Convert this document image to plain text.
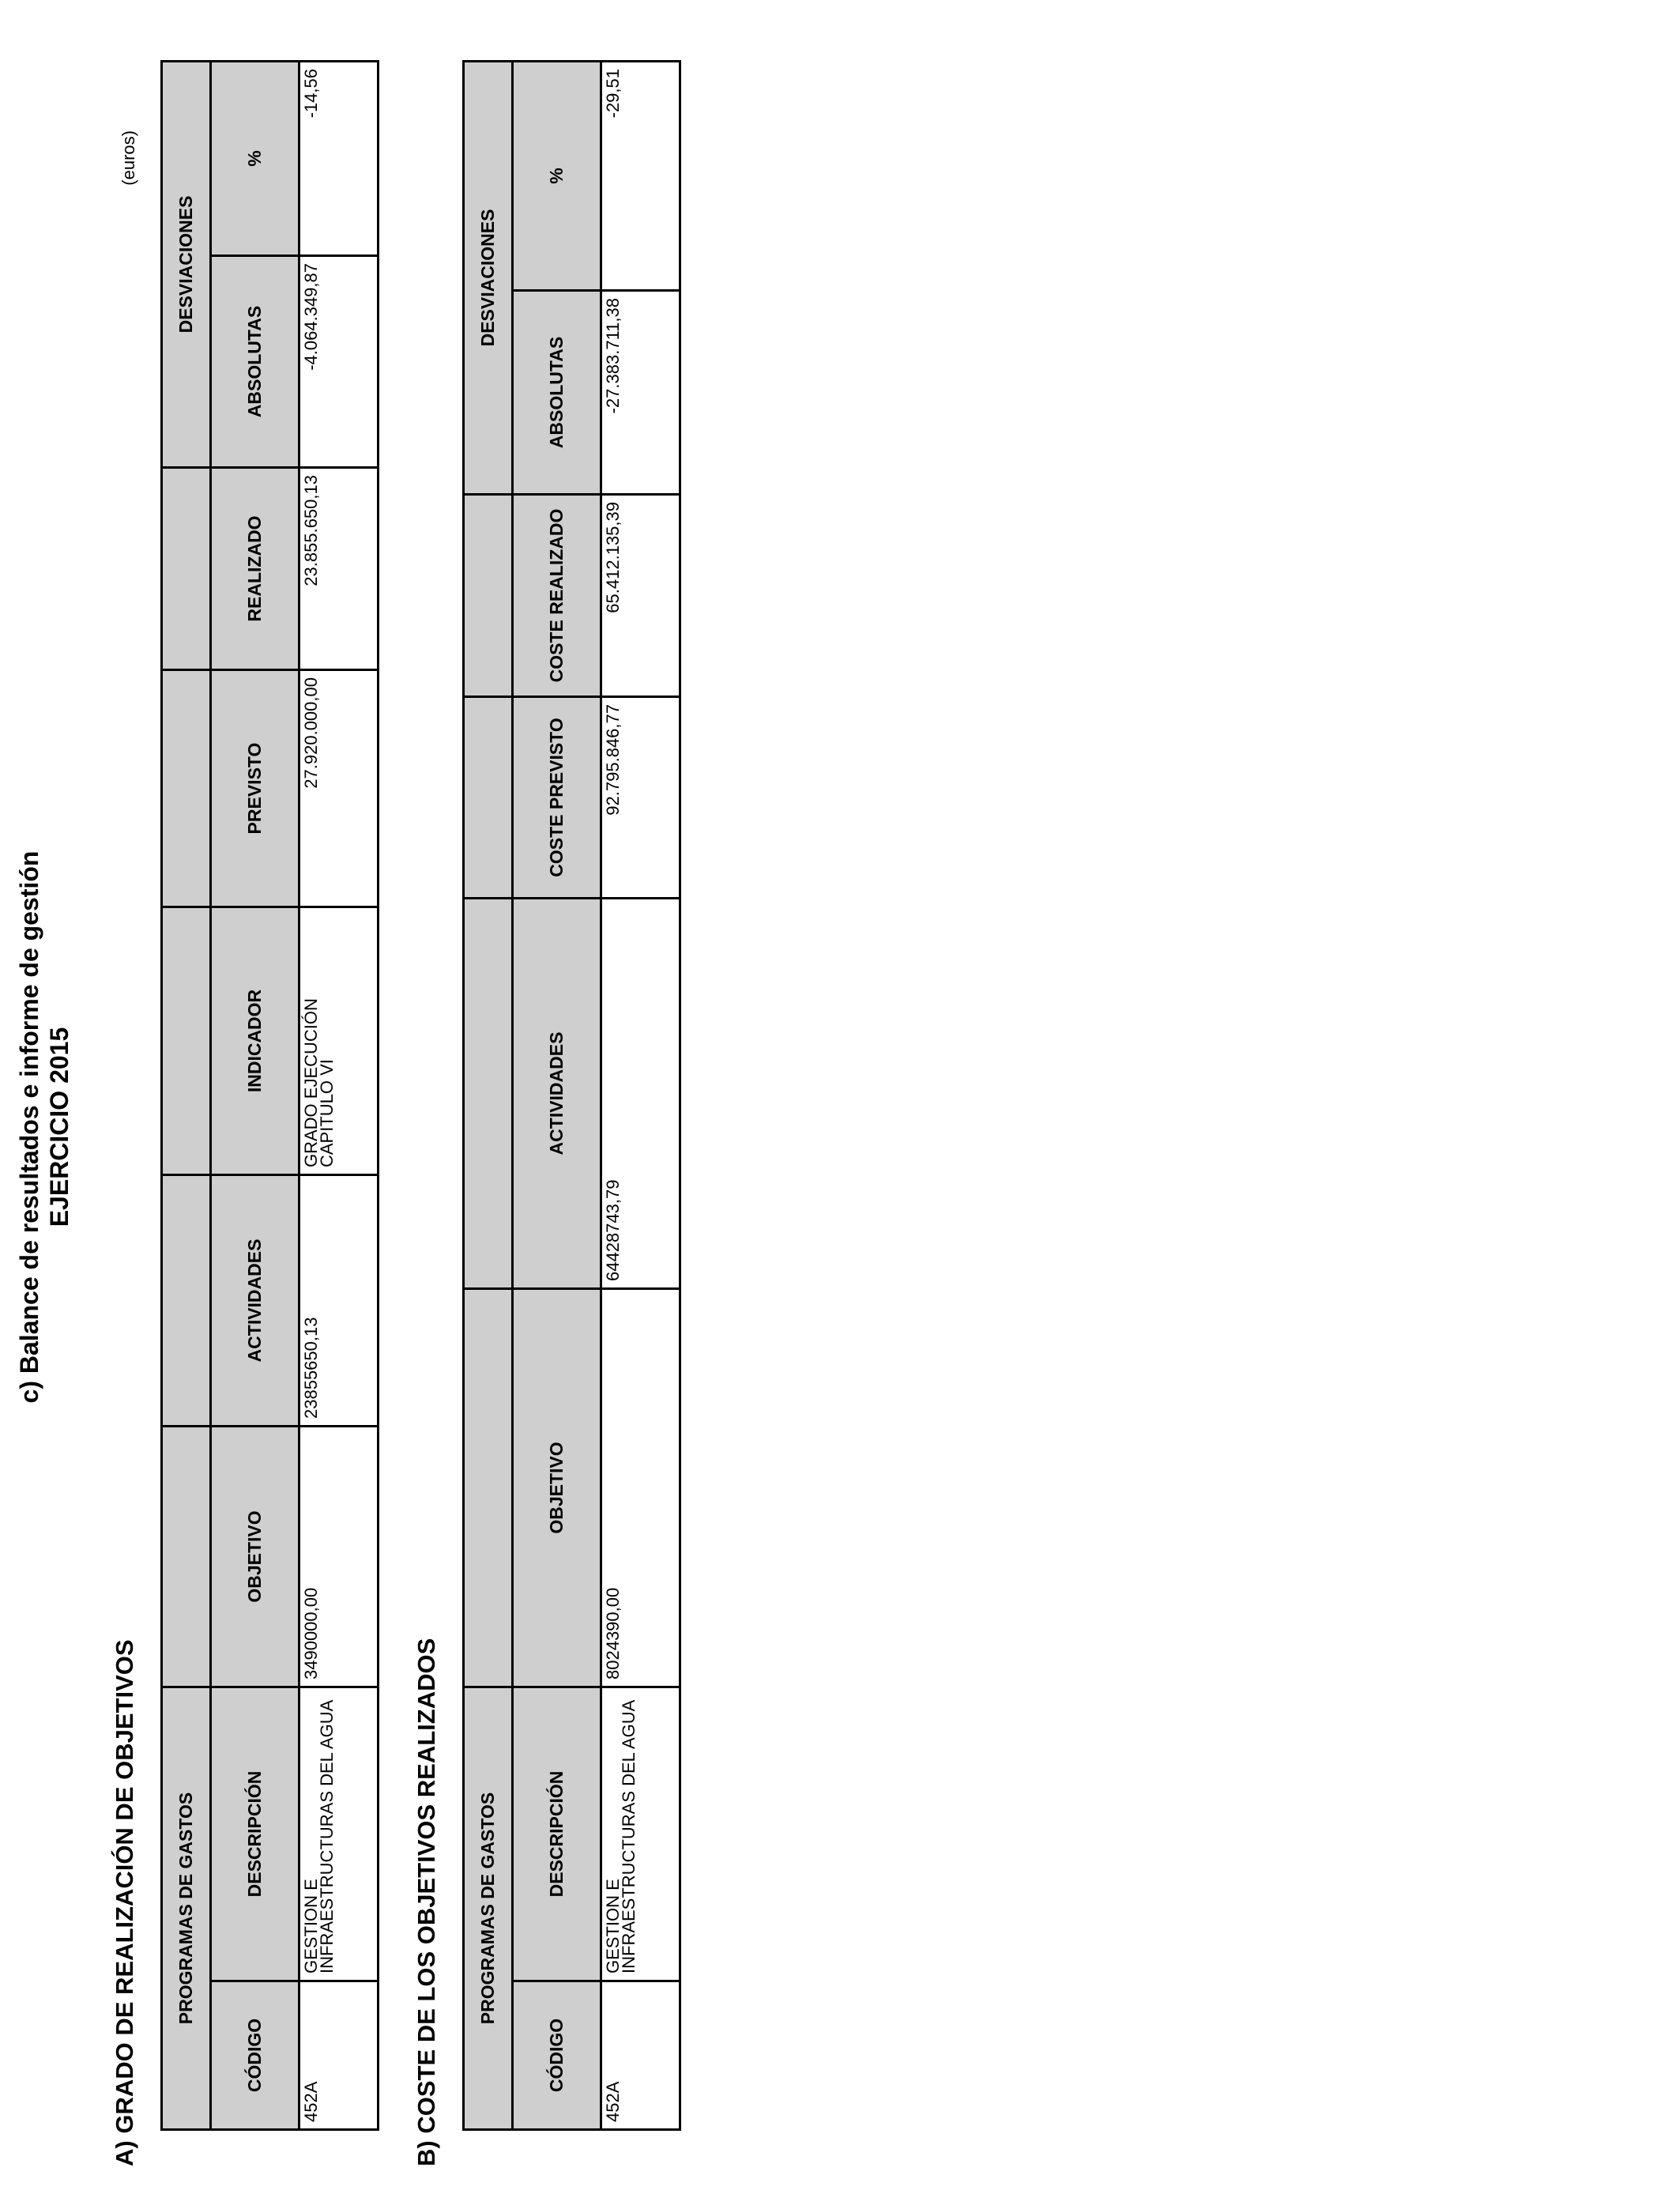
c) Balance de resultados e informe de gestión EJERCICIO 2015
A) GRADO DE REALIZACIÓN DE OBJETIVOS
(euros)
PROGRAMAS DE GASTOS							DESVIACIONES	
CÓDIGO	DESCRIPCIÓN	OBJETIVO	ACTIVIDADES	INDICADOR	PREVISTO	REALIZADO	ABSOLUTAS	%
452A	GESTION E INFRAESTRUCTURAS DEL AGUA	3490000,00	23855650,13	GRADO EJECUCIÓN CAPITULO VI	27.920.000,00	23.855.650,13	-4.064.349,87	-14,56
B) COSTE DE LOS OBJETIVOS REALIZADOS PROGRAMAS DE GASTOS						DESVIACIONES	
CÓDIGO	DESCRIPCIÓN	OBJETIVO	ACTIVIDADES	COSTE PREVISTO	COSTE REALIZADO	ABSOLUTAS	%
452A	GESTION E INFRAESTRUCTURAS DEL AGUA	8024390,00	64428743,79	92.795.846,77	65.412.135,39	-27.383.711,38	-29,51
